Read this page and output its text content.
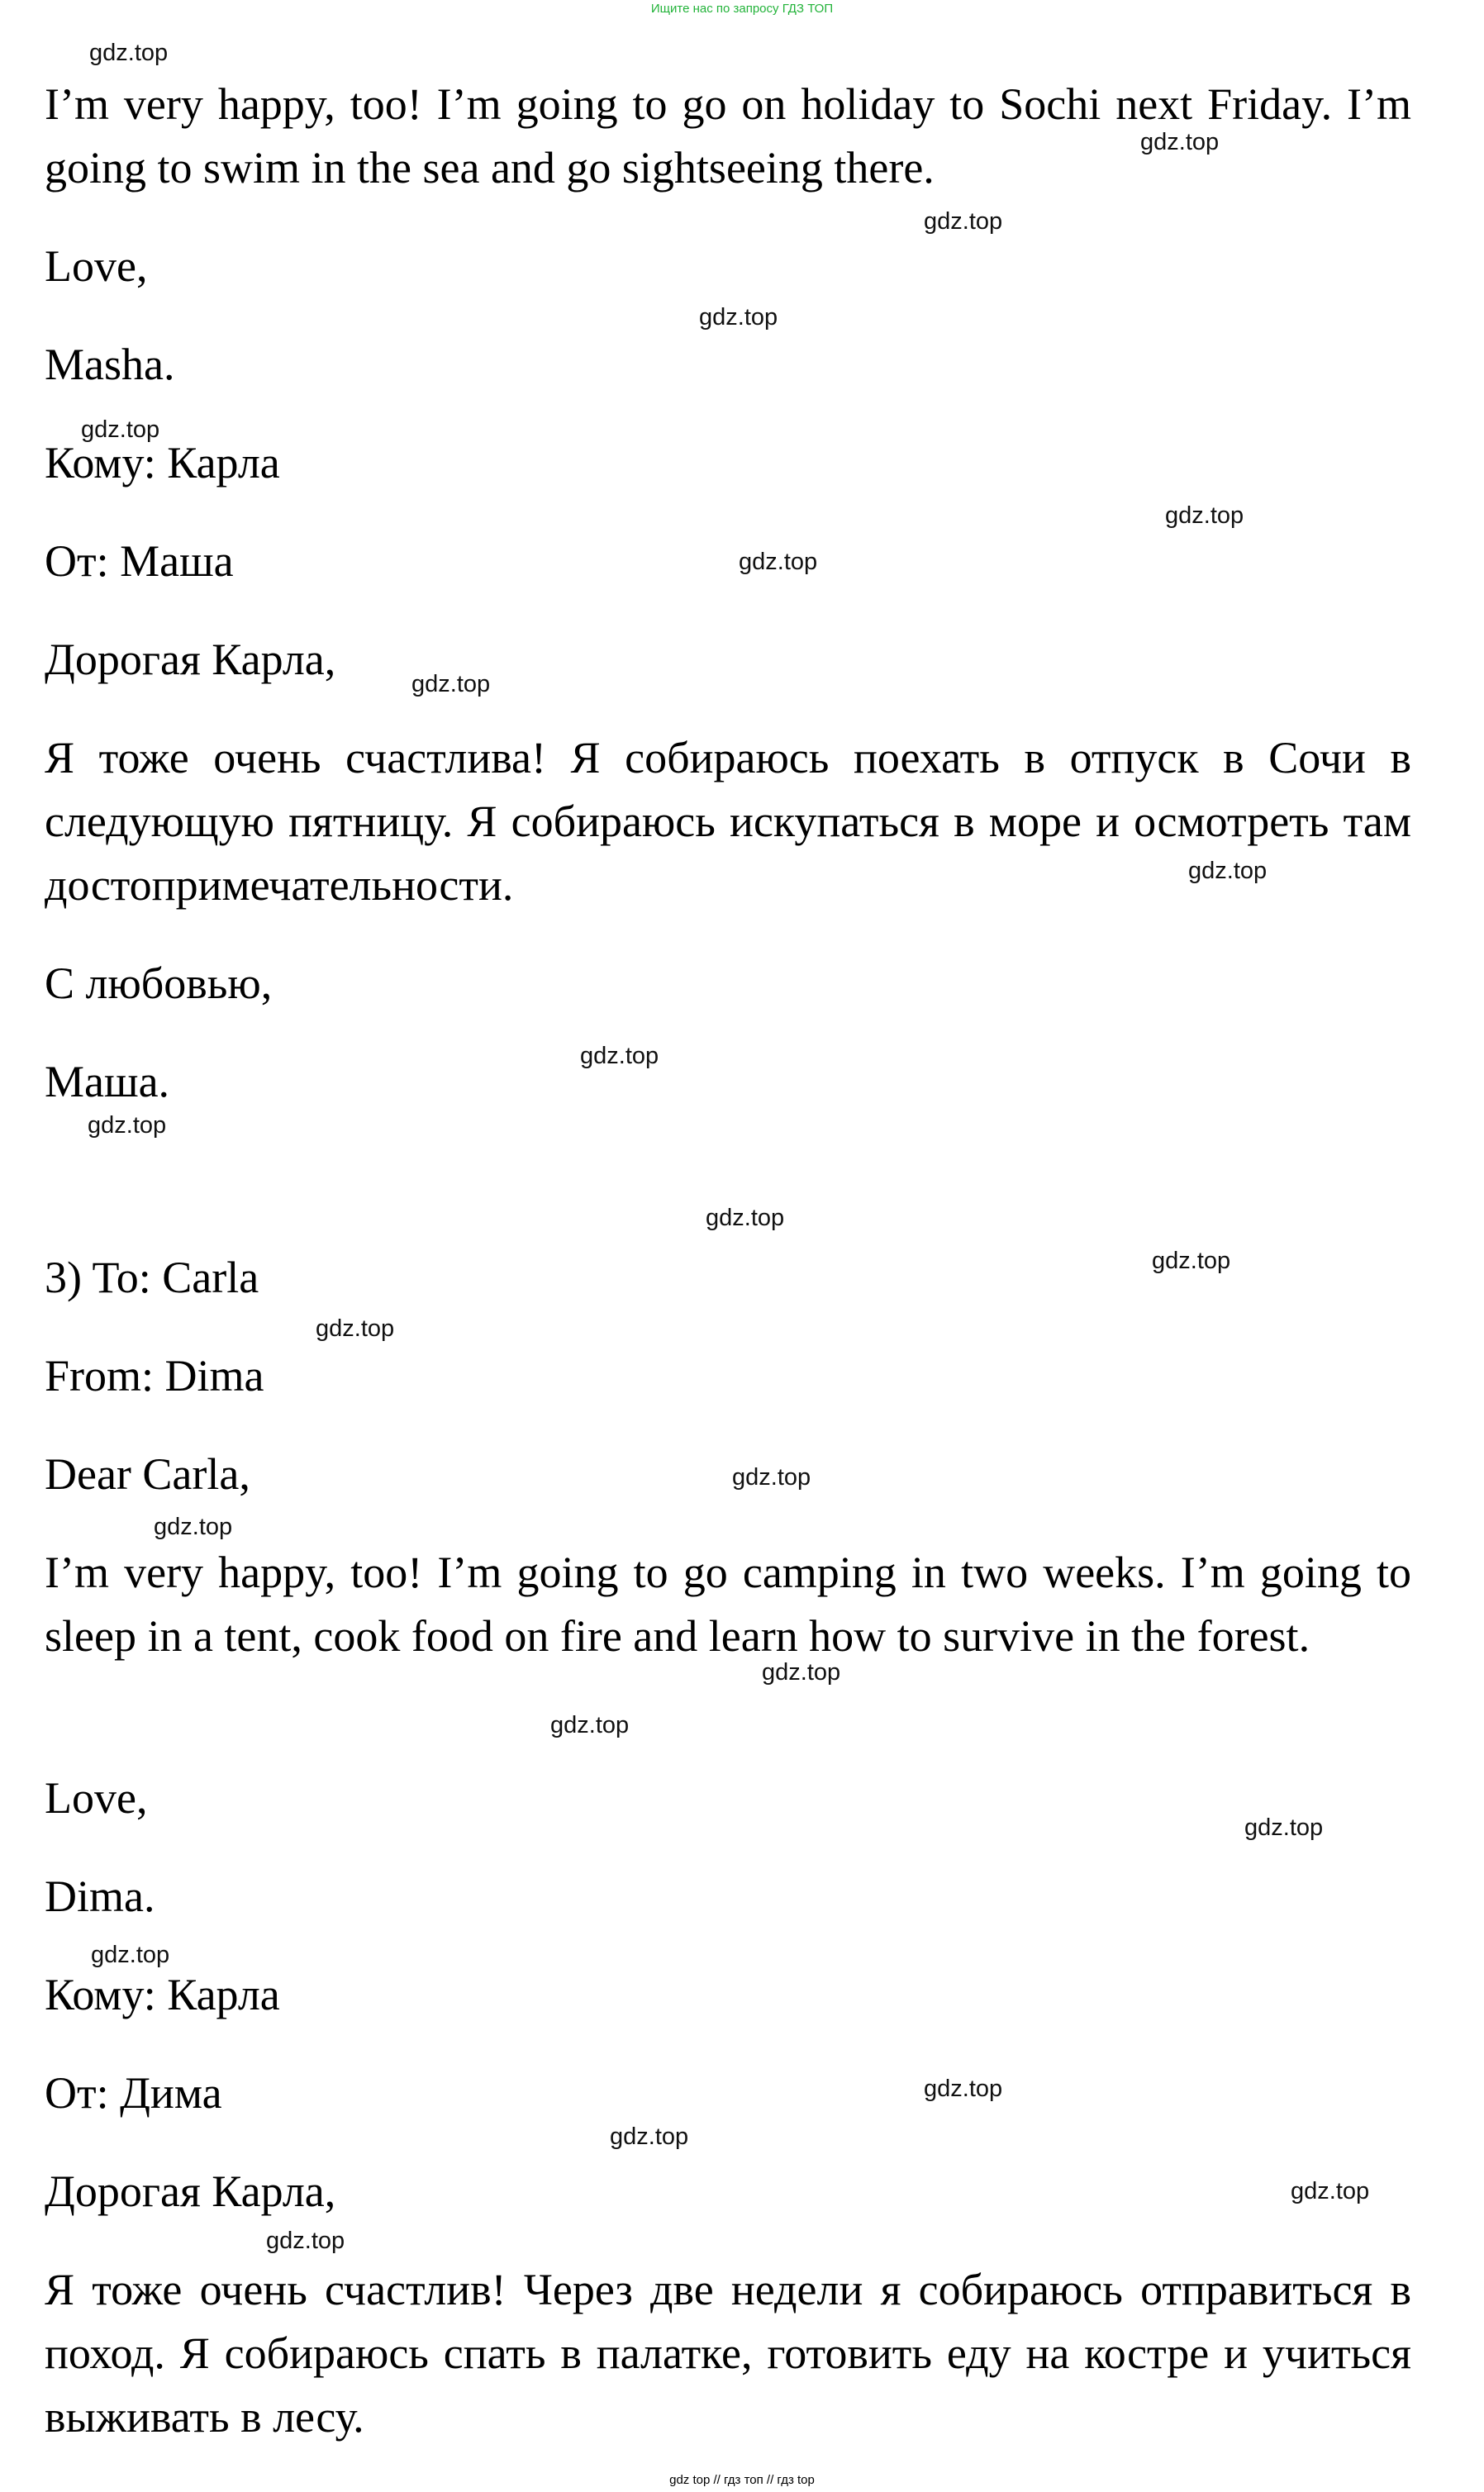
Ищите нас по запросу ГДЗ ТОП
I’m very happy, too! I’m going to go on holiday to Sochi next Friday. I’m going to swim in the sea and go sightseeing there.
Love,
Masha.
Кому: Карла
От: Маша
Дорогая Карла,
Я тоже очень счастлива! Я собираюсь поехать в отпуск в Сочи в следующую пятницу. Я собираюсь искупаться в море и осмотреть там достопримечательности.
С любовью,
Маша.
3) To: Carla
From: Dima
Dear Carla,
I’m very happy, too! I’m going to go camping in two weeks. I’m going to sleep in a tent, cook food on fire and learn how to survive in the forest.
Love,
Dima.
Кому: Карла
От: Дима
Дорогая Карла,
Я тоже очень счастлив! Через две недели я собираюсь отправиться в поход. Я собираюсь спать в палатке, готовить еду на костре и учиться выживать в лесу.
gdz.top
gdz.top
gdz.top
gdz.top
gdz.top
gdz.top
gdz.top
gdz.top
gdz.top
gdz.top
gdz.top
gdz.top
gdz.top
gdz.top
gdz.top
gdz.top
gdz.top
gdz.top
gdz.top
gdz.top
gdz.top
gdz.top
gdz.top
gdz.top
gdz top // гдз топ // гдз top
